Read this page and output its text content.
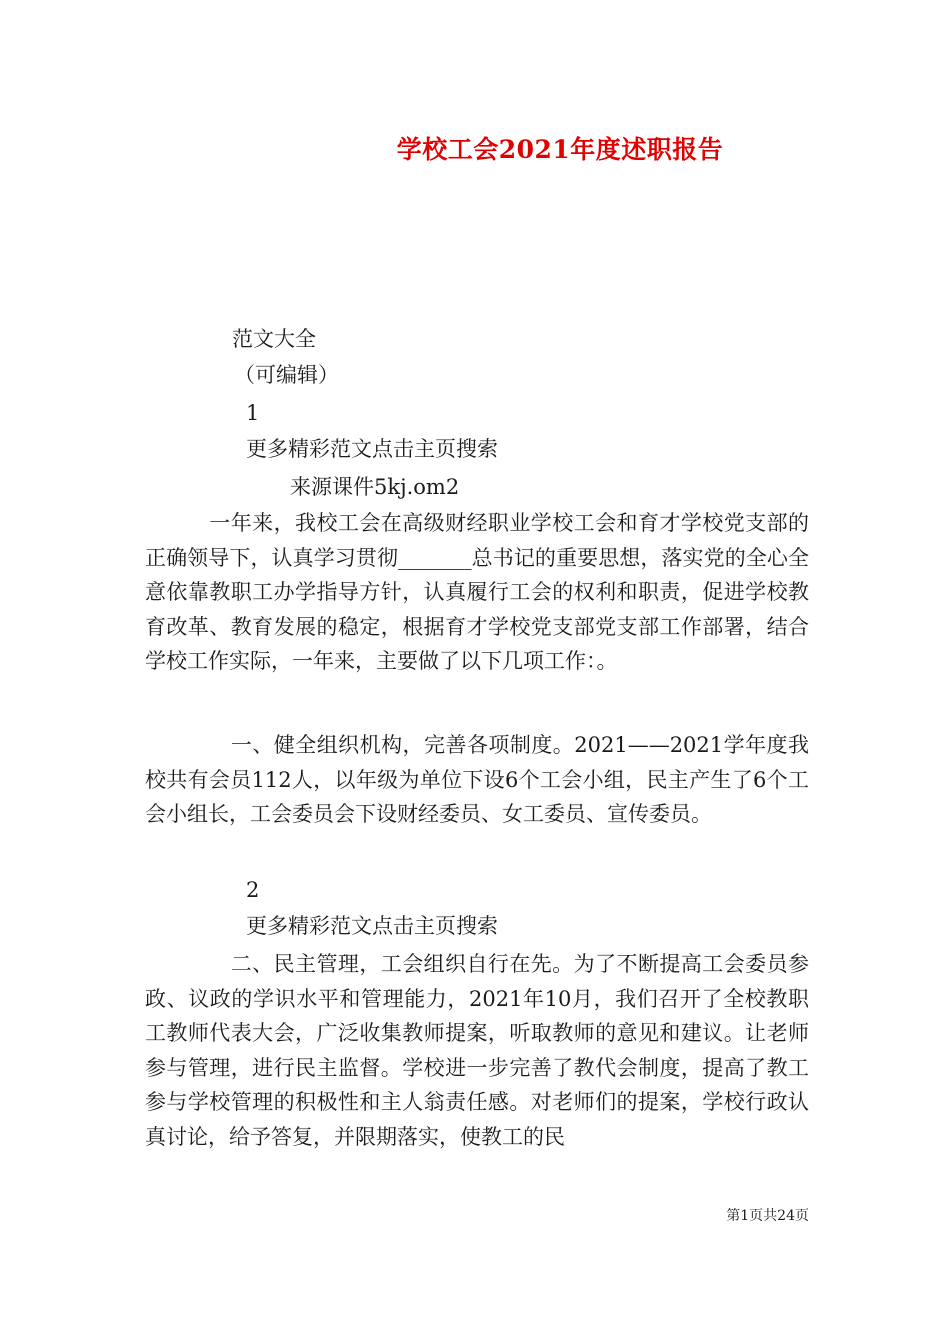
学校工会2021年度述职报告
范文大全
（可编辑）
1
更多精彩范文点击主页搜索
来源课件5kj.om2
　　　一年来，我校工会在高级财经职业学校工会和育才学校党支部的正确领导下，认真学习贯彻_______总书记的重要思想，落实党的全心全意依靠教职工办学指导方针，认真履行工会的权利和职责，促进学校教育改革、教育发展的稳定，根据育才学校党支部党支部工作部署，结合学校工作实际，一年来，主要做了以下几项工作：。
　　　　一、健全组织机构，完善各项制度。2021——2021学年度我校共有会员112人，以年级为单位下设6个工会小组，民主产生了6个工会小组长，工会委员会下设财经委员、女工委员、宣传委员。
2
更多精彩范文点击主页搜索
　　　　二、民主管理，工会组织自行在先。为了不断提高工会委员参政、议政的学识水平和管理能力，2021年10月，我们召开了全校教职工教师代表大会，广泛收集教师提案，听取教师的意见和建议。让老师参与管理，进行民主监督。学校进一步完善了教代会制度，提高了教工参与学校管理的积极性和主人翁责任感。对老师们的提案，学校行政认真讨论，给予答复，并限期落实，使教工的民
第1页共24页
